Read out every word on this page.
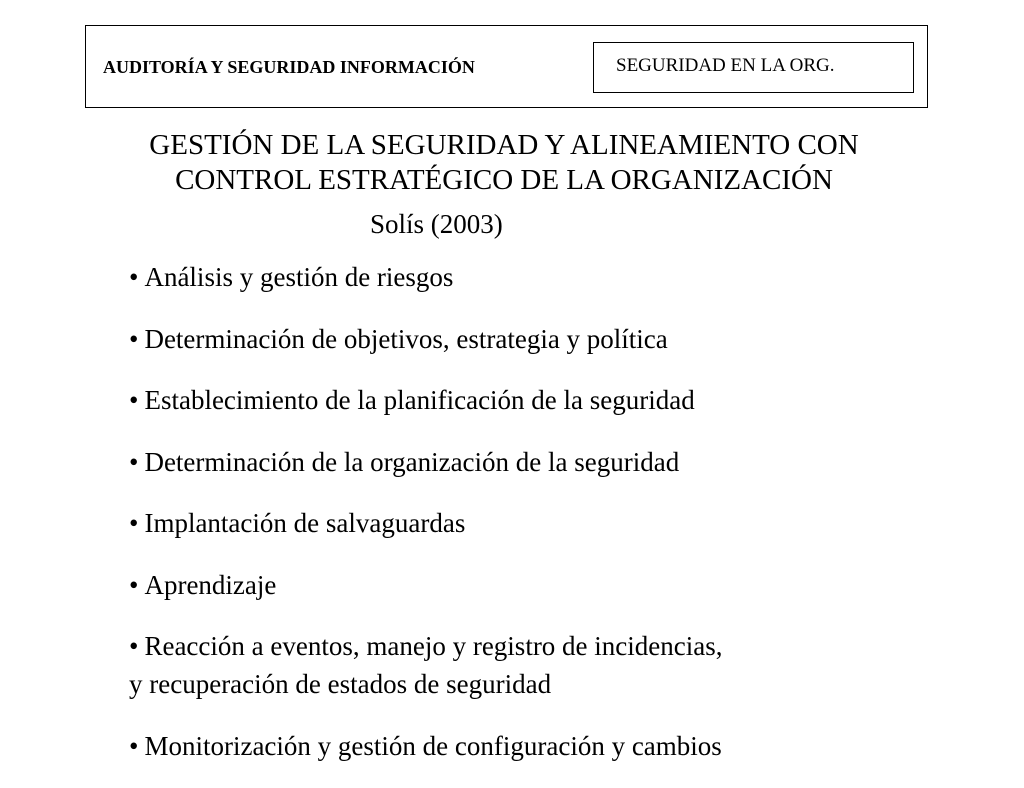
AUDITORÍA Y SEGURIDAD INFORMACIÓN	SEGURIDAD EN LA ORG.
GESTIÓN DE LA SEGURIDAD Y ALINEAMIENTO CON
CONTROL ESTRATÉGICO DE LA ORGANIZACIÓN
Solís (2003)
• Análisis y gestión de riesgos
• Determinación de objetivos, estrategia y política
• Establecimiento de la planificación de la seguridad
• Determinación de la organización de la seguridad
• Implantación de salvaguardas
• Aprendizaje
• Reacción a eventos, manejo y registro de incidencias,
y recuperación de estados de seguridad
• Monitorización y gestión de configuración y cambios
